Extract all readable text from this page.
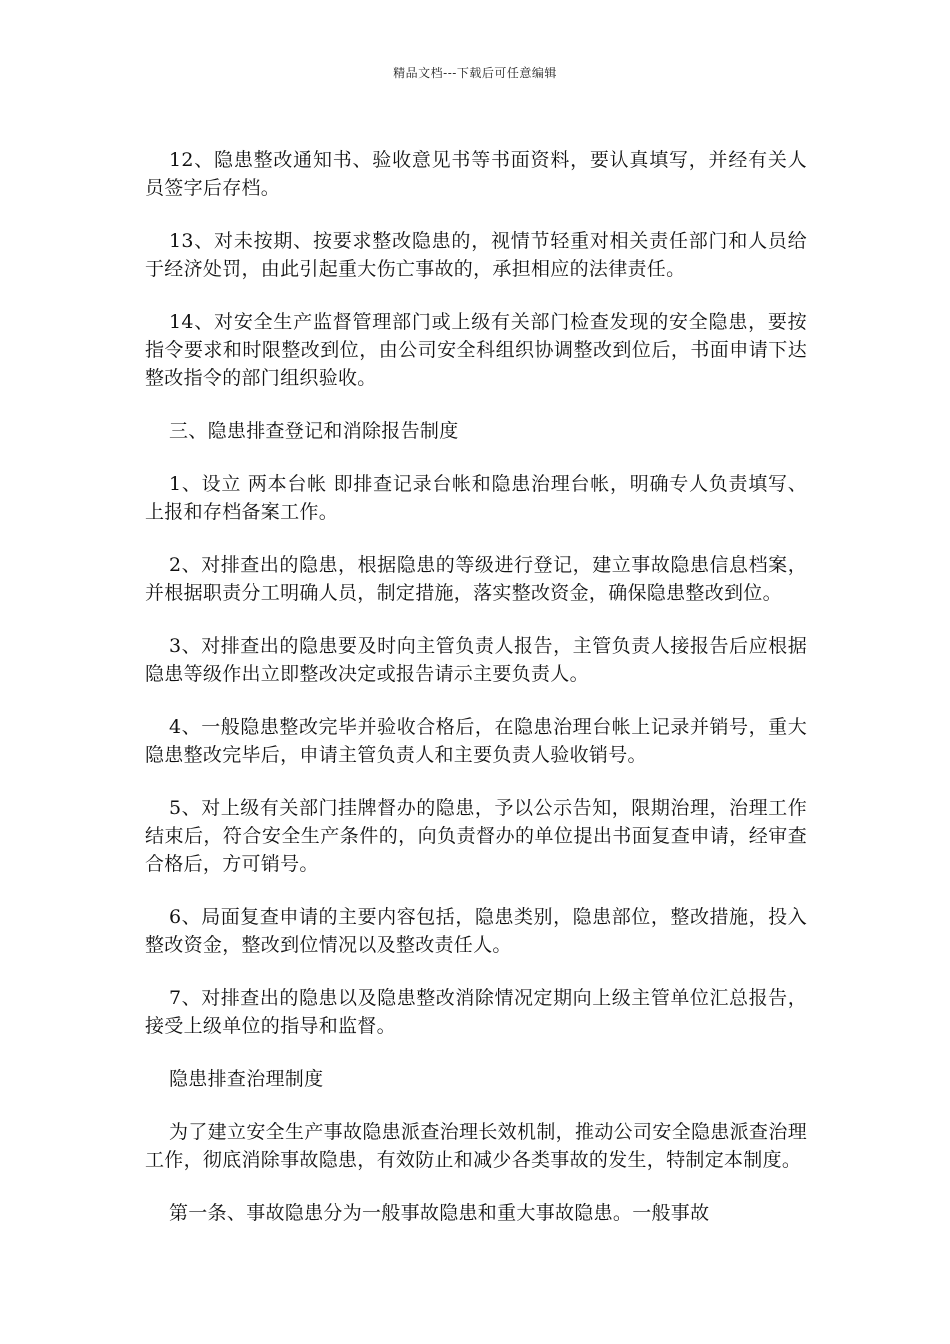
精品文档---下载后可任意编辑

12、隐患整改通知书、验收意见书等书面资料，要认真填写，并经有关人员签字后存档。

13、对未按期、按要求整改隐患的，视情节轻重对相关责任部门和人员给于经济处罚，由此引起重大伤亡事故的，承担相应的法律责任。

14、对安全生产监督管理部门或上级有关部门检查发现的安全隐患，要按指令要求和时限整改到位，由公司安全科组织协调整改到位后，书面申请下达整改指令的部门组织验收。

三、隐患排查登记和消除报告制度

1、设立 两本台帐 即排查记录台帐和隐患治理台帐，明确专人负责填写、上报和存档备案工作。

2、对排查出的隐患，根据隐患的等级进行登记，建立事故隐患信息档案，并根据职责分工明确人员，制定措施，落实整改资金，确保隐患整改到位。

3、对排查出的隐患要及时向主管负责人报告，主管负责人接报告后应根据隐患等级作出立即整改决定或报告请示主要负责人。

4、一般隐患整改完毕并验收合格后，在隐患治理台帐上记录并销号，重大隐患整改完毕后，申请主管负责人和主要负责人验收销号。

5、对上级有关部门挂牌督办的隐患，予以公示告知，限期治理，治理工作结束后，符合安全生产条件的，向负责督办的单位提出书面复查申请，经审查合格后，方可销号。

6、局面复查申请的主要内容包括，隐患类别，隐患部位，整改措施，投入整改资金，整改到位情况以及整改责任人。

7、对排查出的隐患以及隐患整改消除情况定期向上级主管单位汇总报告，接受上级单位的指导和监督。

隐患排查治理制度

为了建立安全生产事故隐患派查治理长效机制，推动公司安全隐患派查治理工作，彻底消除事故隐患，有效防止和减少各类事故的发生，特制定本制度。

第一条、事故隐患分为一般事故隐患和重大事故隐患。一般事故
